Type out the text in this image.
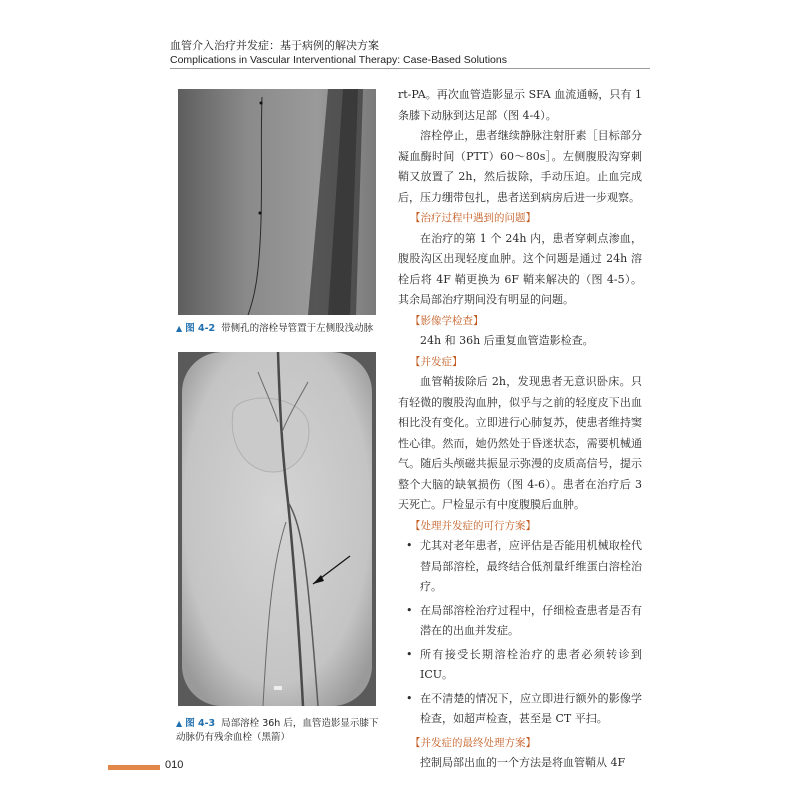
血管介入治疗并发症：基于病例的解决方案
Complications in Vascular Interventional Therapy: Case-Based Solutions
▲ 图 4-2 带侧孔的溶栓导管置于左侧股浅动脉
▲ 图 4-3 局部溶栓 36h 后，血管造影显示膝下动脉仍有残余血栓（黑箭）

rt-PA。再次血管造影显示 SFA 血流通畅，只有 1 条膝下动脉到达足部（图 4-4）。

溶栓停止，患者继续静脉注射肝素［目标部分凝血酶时间（PTT）60～80s］。左侧腹股沟穿刺鞘又放置了 2h，然后拔除，手动压迫。止血完成后，压力绷带包扎，患者送到病房后进一步观察。

【治疗过程中遇到的问题】

在治疗的第 1 个 24h 内，患者穿刺点渗血，腹股沟区出现轻度血肿。这个问题是通过 24h 溶栓后将 4F 鞘更换为 6F 鞘来解决的（图 4-5）。其余局部治疗期间没有明显的问题。

【影像学检查】

24h 和 36h 后重复血管造影检查。

【并发症】

血管鞘拔除后 2h，发现患者无意识卧床。只有轻微的腹股沟血肿，似乎与之前的轻度皮下出血相比没有变化。立即进行心肺复苏，使患者维持窦性心律。然而，她仍然处于昏迷状态，需要机械通气。随后头颅磁共振显示弥漫的皮质高信号，提示整个大脑的缺氧损伤（图 4-6）。患者在治疗后 3 天死亡。尸检显示有中度腹膜后血肿。

【处理并发症的可行方案】
• 尤其对老年患者，应评估是否能用机械取栓代替局部溶栓，最终结合低剂量纤维蛋白溶栓治疗。
• 在局部溶栓治疗过程中，仔细检查患者是否有潜在的出血并发症。
• 所有接受长期溶栓治疗的患者必须转诊到 ICU。
• 在不清楚的情况下，应立即进行额外的影像学检查，如超声检查，甚至是 CT 平扫。
【并发症的最终处理方案】

控制局部出血的一个方法是将血管鞘从 4F

010
